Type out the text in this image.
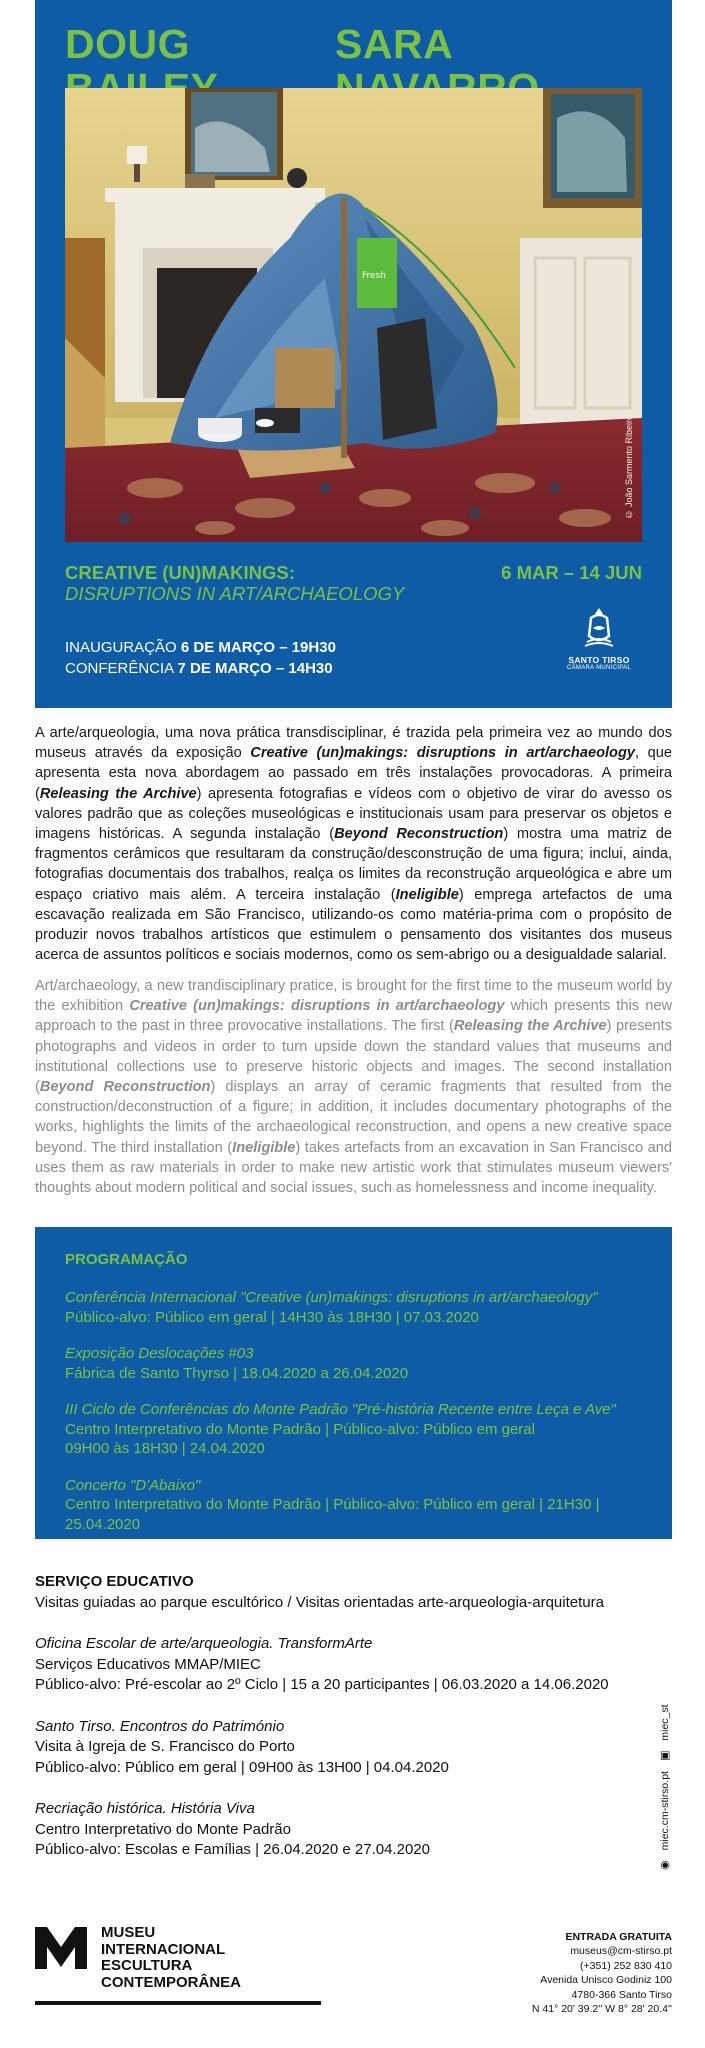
DOUG	SARA
Fresh
© João Sarmento Ribeiro
CREATIVE (UN)MAKINGS:
DISRUPTIONS IN ART/ARCHAEOLOGY
6 MAR – 14 JUN
INAUGURAÇÃO 6 DE MARÇO – 19H30
CONFERÊNCIA 7 DE MARÇO – 14H30	SANTO TIRSO
CÂMARA MUNICIPAL

A arte/arqueologia, uma nova prática transdisciplinar, é trazida pela primeira vez ao mundo dos museus através da exposição Creative (un)makings: disruptions in art/archaeology, que apresenta esta nova abordagem ao passado em três instalações provocadoras. A primeira (Releasing the Archive) apresenta fotografias e vídeos com o objetivo de virar do avesso os valores padrão que as coleções museológicas e institucionais usam para preservar os objetos e imagens históricas. A segunda instalação (Beyond Reconstruction) mostra uma matriz de fragmentos cerâmicos que resultaram da construção/desconstrução de uma figura; inclui, ainda, fotografias documentais dos trabalhos, realça os limites da reconstrução arqueológica e abre um espaço criativo mais além. A terceira instalação (Ineligible) emprega artefactos de uma escavação realizada em São Francisco, utilizando-os como matéria-prima com o propósito de produzir novos trabalhos artísticos que estimulem o pensamento dos visitantes dos museus acerca de assuntos políticos e sociais modernos, como os sem-abrigo ou a desigualdade salarial.

Art/archaeology, a new trandisciplinary pratice, is brought for the first time to the museum world by the exhibition Creative (un)makings: disruptions in art/archaeology which presents this new approach to the past in three provocative installations. The first (Releasing the Archive) presents photographs and videos in order to turn upside down the standard values that museums and institutional collections use to preserve historic objects and images. The second installation (Beyond Reconstruction) displays an array of ceramic fragments that resulted from the construction/deconstruction of a figure; in addition, it includes documentary photographs of the works, highlights the limits of the archaeological reconstruction, and opens a new creative space beyond. The third installation (Ineligible) takes artefacts from an excavation in San Francisco and uses them as raw materials in order to make new artistic work that stimulates museum viewers' thoughts about modern political and social issues, such as homelessness and income inequality.

PROGRAMAÇÃO
Conferência Internacional "Creative (un)makings: disruptions in art/archaeology"
Público-alvo: Público em geral | 14H30 às 18H30 | 07.03.2020
Exposição Deslocações #03
Fábrica de Santo Thyrso | 18.04.2020 a 26.04.2020
III Ciclo de Conferências do Monte Padrão "Pré-história Recente entre Leça e Ave"
Centro Interpretativo do Monte Padrão | Público-alvo: Público em geral
09H00 às 18H30 | 24.04.2020
Concerto "D'Abaixo"
Centro Interpretativo do Monte Padrão | Público-alvo: Público em geral | 21H30 | 25.04.2020
SERVIÇO EDUCATIVO
Visitas guiadas ao parque escultórico / Visitas orientadas arte-arqueologia-arquitetura
Oficina Escolar de arte/arqueologia. TransformArte
Serviços Educativos MMAP/MIEC
Público-alvo: Pré-escolar ao 2º Ciclo | 15 a 20 participantes | 06.03.2020 a 14.06.2020
Santo Tirso. Encontros do Património
Visita à Igreja de S. Francisco do Porto
Público-alvo: Público em geral | 09H00 às 13H00 | 04.04.2020
Recriação histórica. História Viva
Centro Interpretativo do Monte Padrão
Público-alvo: Escolas e Famílias | 26.04.2020 e 27.04.2020
◉
miec.cm-stirso.pt
▣
miec_st
MUSEU
INTERNACIONAL
ESCULTURA
CONTEMPORÂNEA
ENTRADA GRATUITA
museus@cm-stirso.pt
(+351) 252 830 410
Avenida Unisco Godiniz 100
4780-366 Santo Tirso
N 41° 20' 39.2'' W 8° 28' 20.4''
